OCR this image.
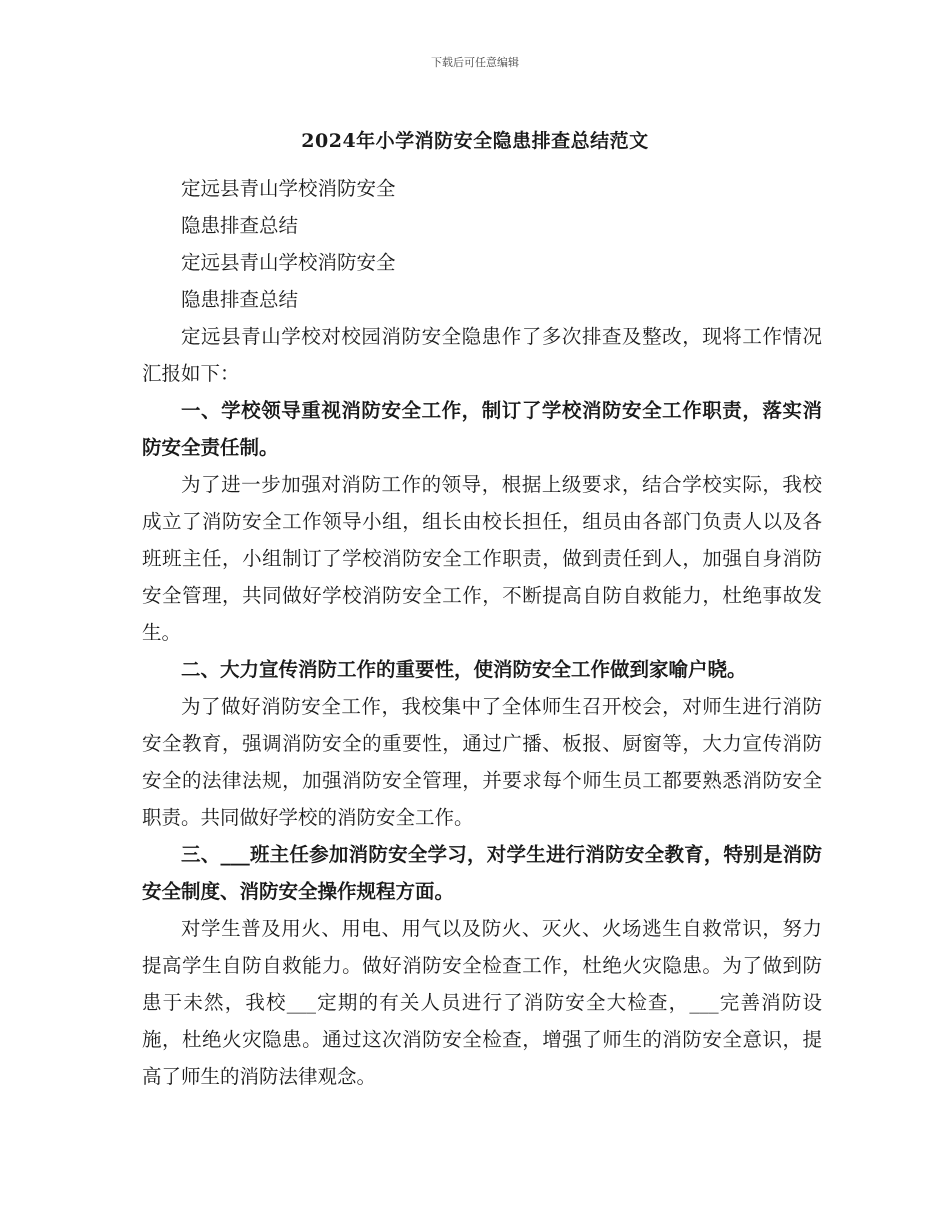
下载后可任意编辑
2024年小学消防安全隐患排查总结范文

定远县青山学校消防安全

隐患排查总结

定远县青山学校消防安全

隐患排查总结

定远县青山学校对校园消防安全隐患作了多次排查及整改，现将工作情况汇报如下：

一、学校领导重视消防安全工作，制订了学校消防安全工作职责，落实消防安全责任制。

为了进一步加强对消防工作的领导，根据上级要求，结合学校实际，我校成立了消防安全工作领导小组，组长由校长担任，组员由各部门负责人以及各班班主任，小组制订了学校消防安全工作职责，做到责任到人，加强自身消防安全管理，共同做好学校消防安全工作，不断提高自防自救能力，杜绝事故发生。

二、大力宣传消防工作的重要性，使消防安全工作做到家喻户晓。

为了做好消防安全工作，我校集中了全体师生召开校会，对师生进行消防安全教育，强调消防安全的重要性，通过广播、板报、厨窗等，大力宣传消防安全的法律法规，加强消防安全管理，并要求每个师生员工都要熟悉消防安全职责。共同做好学校的消防安全工作。

三、___班主任参加消防安全学习，对学生进行消防安全教育，特别是消防安全制度、消防安全操作规程方面。

对学生普及用火、用电、用气以及防火、灭火、火场逃生自救常识，努力提高学生自防自救能力。做好消防安全检查工作，杜绝火灾隐患。为了做到防患于未然，我校___定期的有关人员进行了消防安全大检查，___完善消防设施，杜绝火灾隐患。通过这次消防安全检查，增强了师生的消防安全意识，提高了师生的消防法律观念。
